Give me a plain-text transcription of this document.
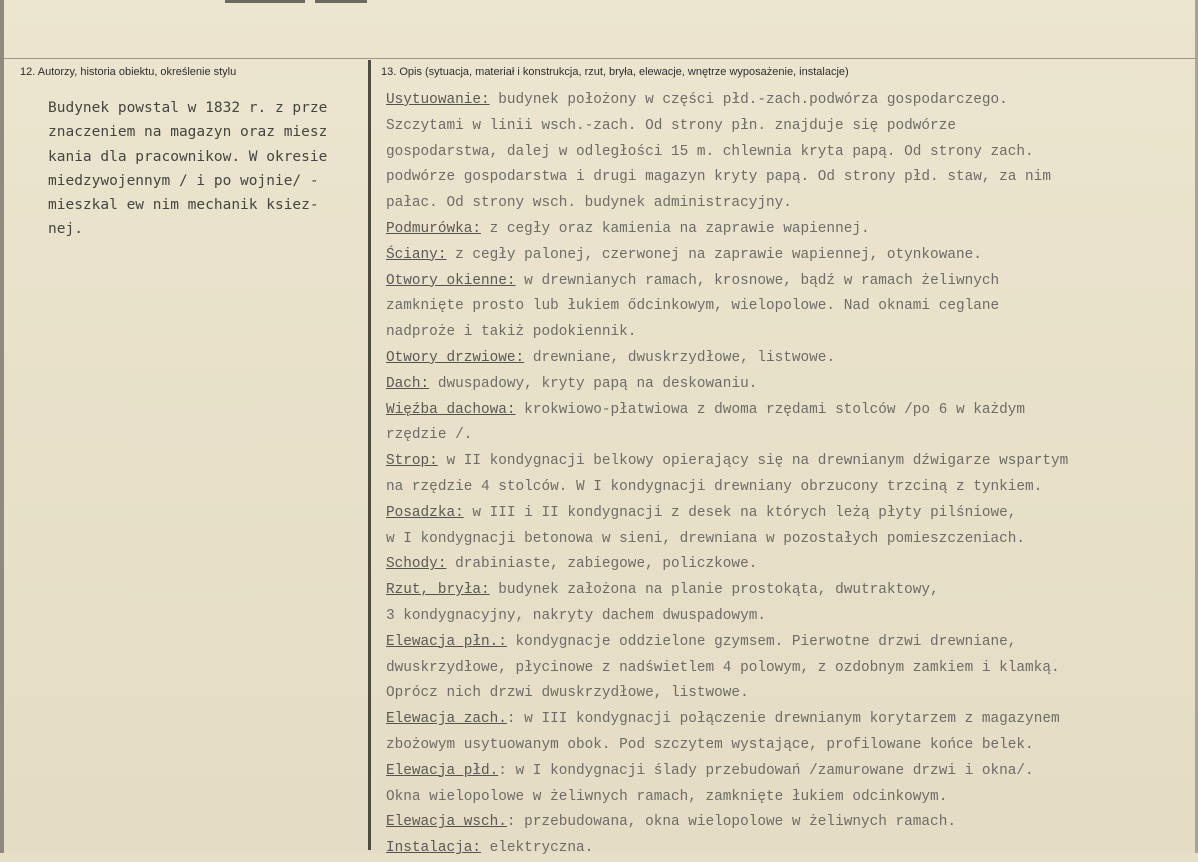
12. Autorzy, historia obiektu, określenie stylu	13. Opis (sytuacja, materiał i konstrukcja, rzut, bryła, elewacje, wnętrze wyposażenie, instalacje)
Budynek powstal w 1832 r. z prze
znaczeniem na magazyn oraz miesz
kania dla pracownikow. W okresie
miedzywojennym / i po wojnie/ -
mieszkal ew nim mechanik ksiez-
nej.
Usytuowanie: budynek położony w części płd.-zach.podwórza gospodarczego.
Szczytami w linii wsch.-zach. Od strony płn. znajduje się podwórze
gospodarstwa, dalej w odległości 15 m. chlewnia kryta papą. Od strony zach.
podwórze gospodarstwa i drugi magazyn kryty papą. Od strony płd. staw, za nim
pałac. Od strony wsch. budynek administracyjny.
Podmurówka: z cegły oraz kamienia na zaprawie wapiennej.
Ściany: z cegły palonej, czerwonej na zaprawie wapiennej, otynkowane.
Otwory okienne: w drewnianych ramach, krosnowe, bądź w ramach żeliwnych
zamknięte prosto lub łukiem ődcinkowym, wielopolowe. Nad oknami ceglane
nadproże i takiż podokiennik.
Otwory drzwiowe: drewniane, dwuskrzydłowe, listwowe.
Dach: dwuspadowy, kryty papą na deskowaniu.
Więźba dachowa: krokwiowo-płatwiowa z dwoma rzędami stolców /po 6 w każdym
rzędzie /.
Strop: w II kondygnacji belkowy opierający się na drewnianym dźwigarze wspartym
na rzędzie 4 stolców. W I kondygnacji drewniany obrzucony trzciną z tynkiem.
Posadzka: w III i II kondygnacji z desek na których leżą płyty pilśniowe,
w I kondygnacji betonowa w sieni, drewniana w pozostałych pomieszczeniach.
Schody: drabiniaste, zabiegowe, policzkowe.
Rzut, bryła: budynek założona na planie prostokąta, dwutraktowy,
3 kondygnacyjny, nakryty dachem dwuspadowym.
Elewacja płn.: kondygnacje oddzielone gzymsem. Pierwotne drzwi drewniane,
dwuskrzydłowe, płycinowe z nadświetlem 4 polowym, z ozdobnym zamkiem i klamką.
Oprócz nich drzwi dwuskrzydłowe, listwowe.
Elewacja zach.: w III kondygnacji połączenie drewnianym korytarzem z magazynem
zbożowym usytuowanym obok. Pod szczytem wystające, profilowane końce belek.
Elewacja płd.: w I kondygnacji ślady przebudowań /zamurowane drzwi i okna/.
Okna wielopolowe w żeliwnych ramach, zamknięte łukiem odcinkowym.
Elewacja wsch.: przebudowana, okna wielopolowe w żeliwnych ramach.
Instalacja: elektryczna.
